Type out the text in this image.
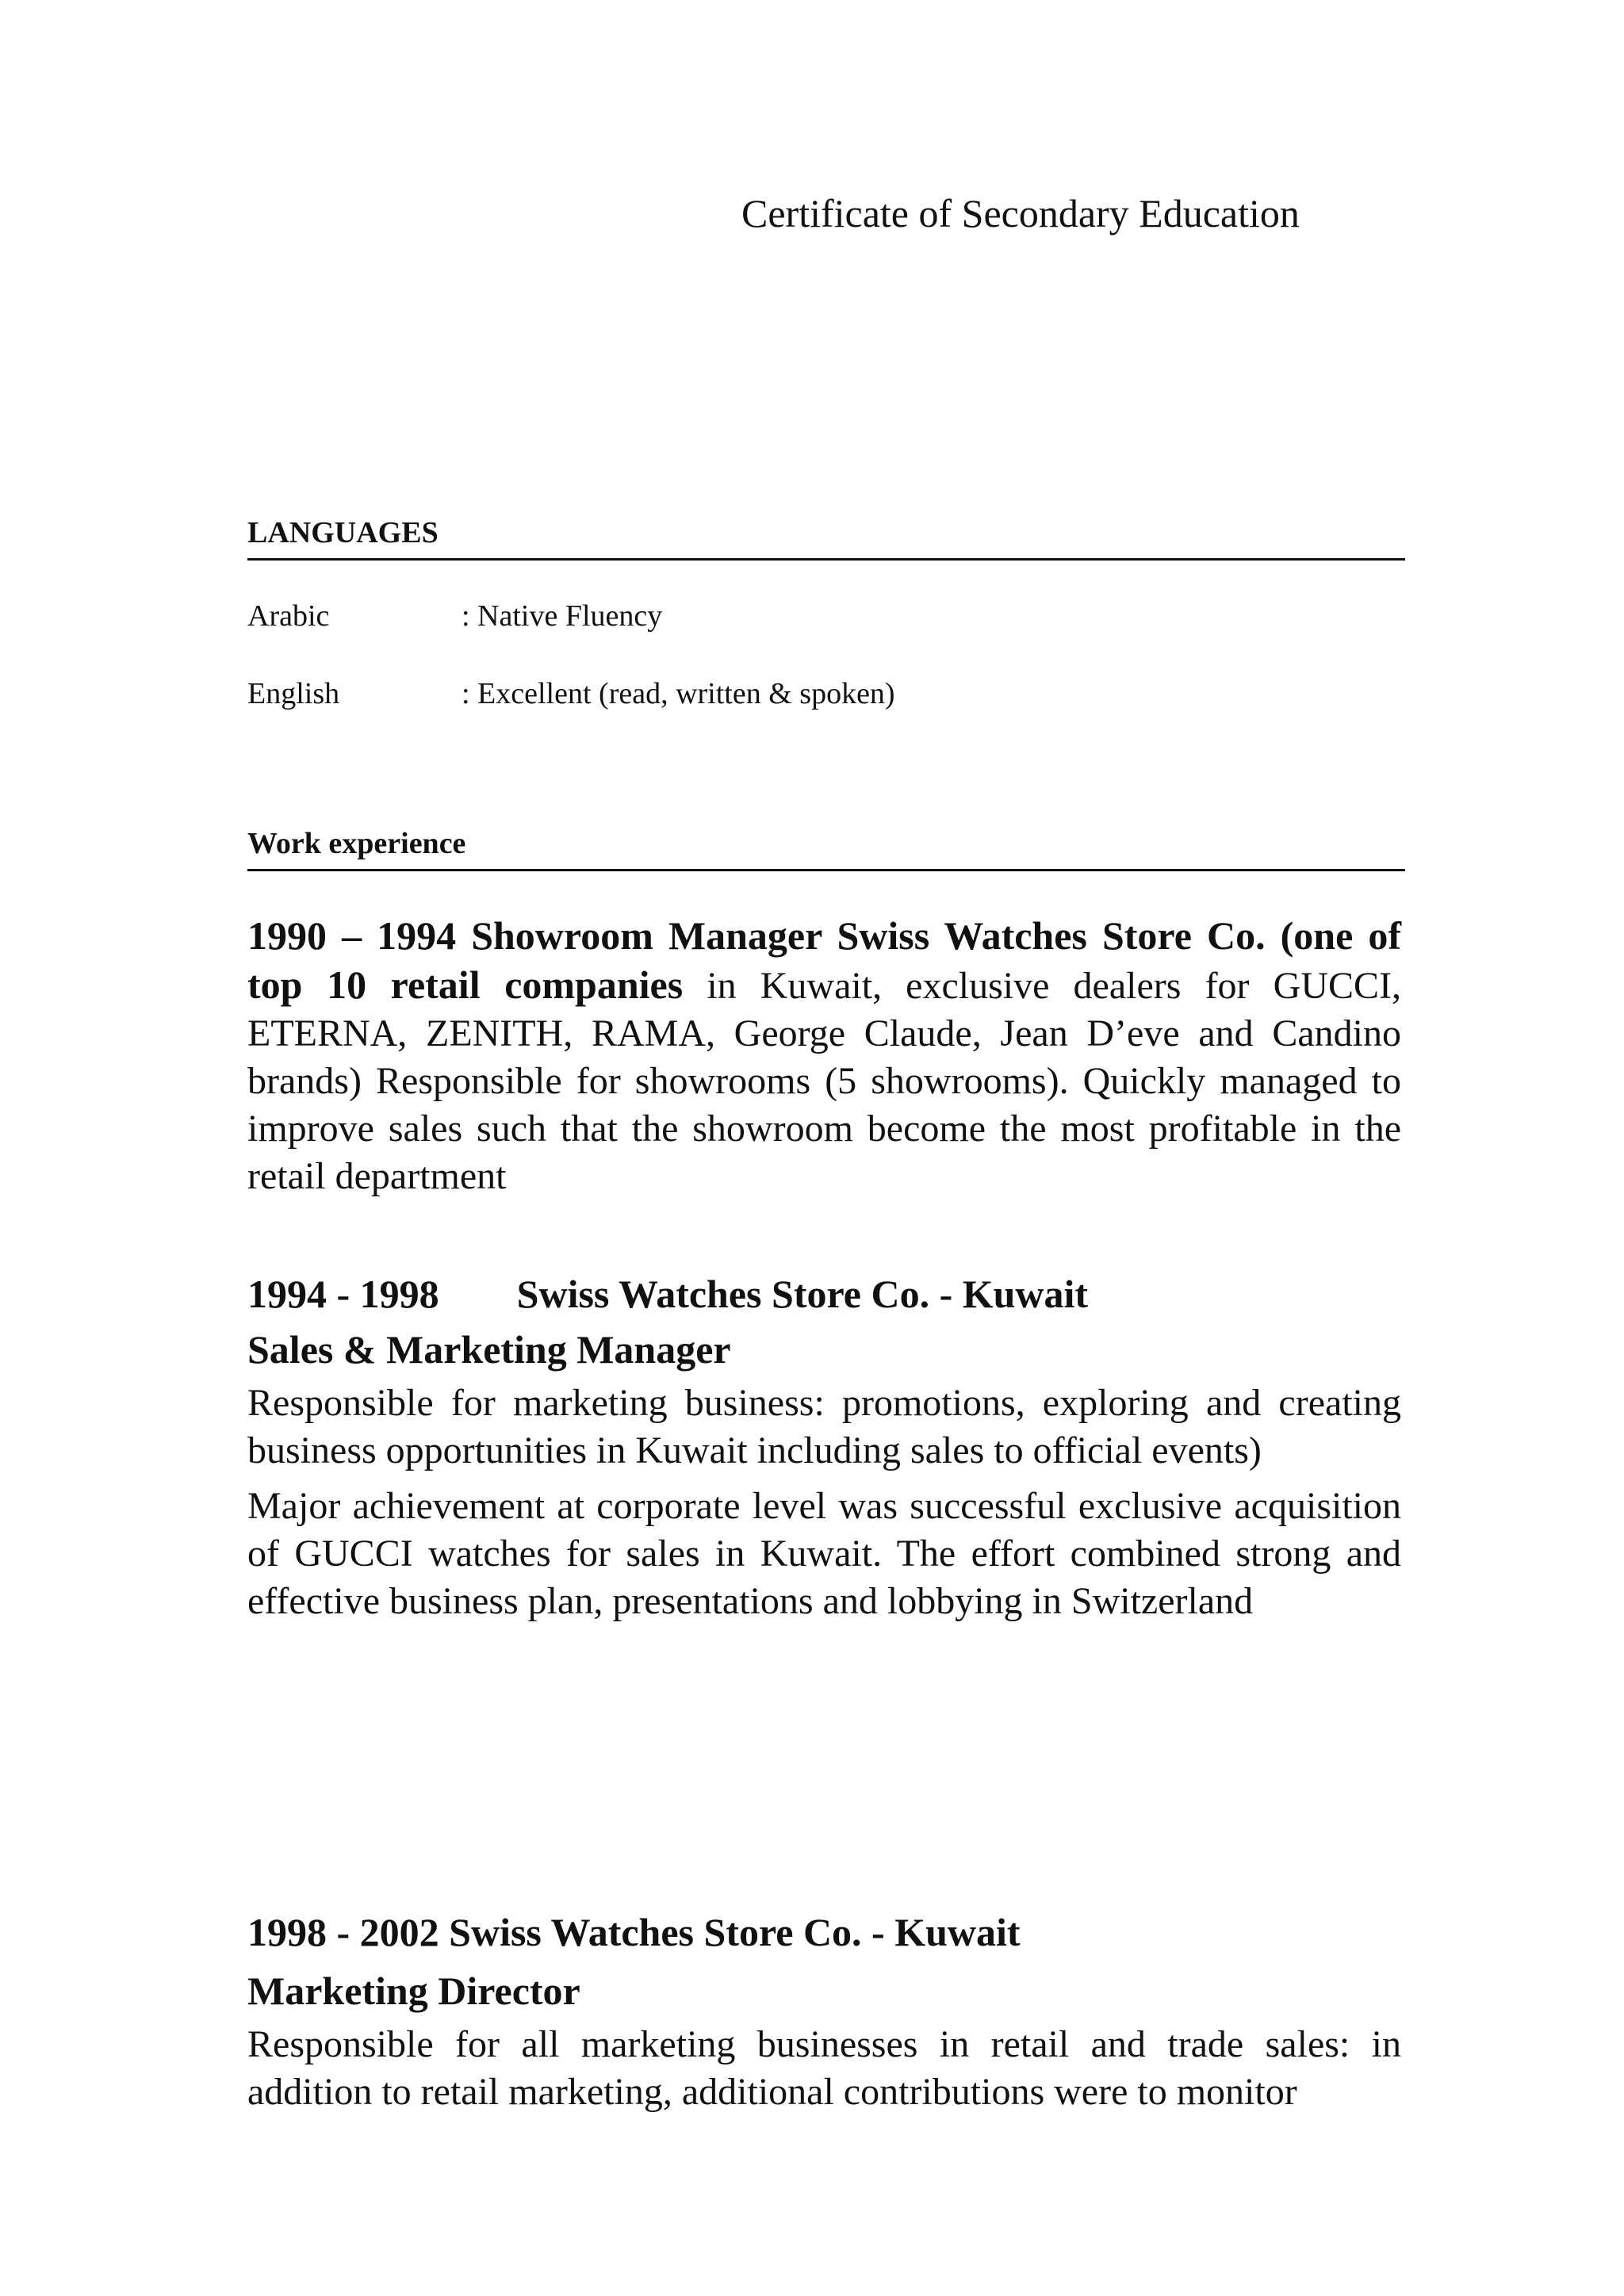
Certificate of Secondary Education
LANGUAGES
Arabic	: Native Fluency
English	: Excellent (read, written & spoken)
Work experience

1990 – 1994 Showroom Manager Swiss Watches Store Co. (one of top 10 retail companies in Kuwait, exclusive dealers for GUCCI, ETERNA, ZENITH, RAMA, George Claude, Jean D’eve and Candino brands) Responsible for showrooms (5 showrooms). Quickly managed to improve sales such that the showroom become the most profitable in the retail department

1994 - 1998 Swiss Watches Store Co. - Kuwait
Sales & Marketing Manager

Responsible for marketing business: promotions, exploring and creating business opportunities in Kuwait including sales to official events)

Major achievement at corporate level was successful exclusive acquisition of GUCCI watches for sales in Kuwait. The effort combined strong and effective business plan, presentations and lobbying in Switzerland

1998 - 2002 Swiss Watches Store Co. - Kuwait
Marketing Director

Responsible for all marketing businesses in retail and trade sales: in addition to retail marketing, additional contributions were to monitor
